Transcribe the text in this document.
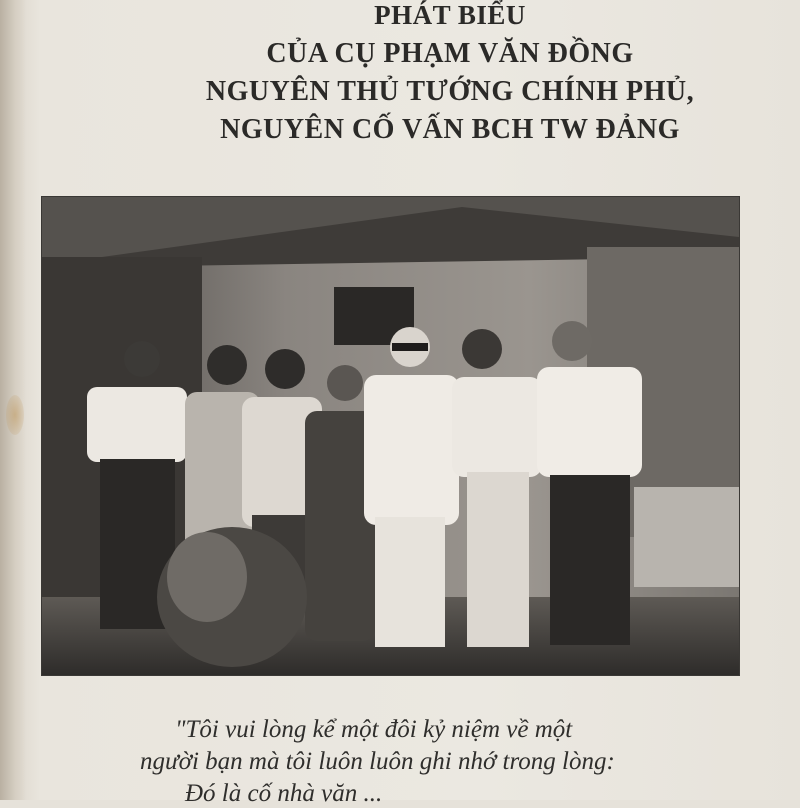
PHÁT BIỂU
CỦA CỤ PHẠM VĂN ĐỒNG
NGUYÊN THỦ TƯỚNG CHÍNH PHỦ,
NGUYÊN CỐ VẤN BCH TW ĐẢNG
"Tôi vui lòng kể một đôi kỷ niệm về một
người bạn mà tôi luôn luôn ghi nhớ trong lòng:
Đó là cố nhà văn ...
